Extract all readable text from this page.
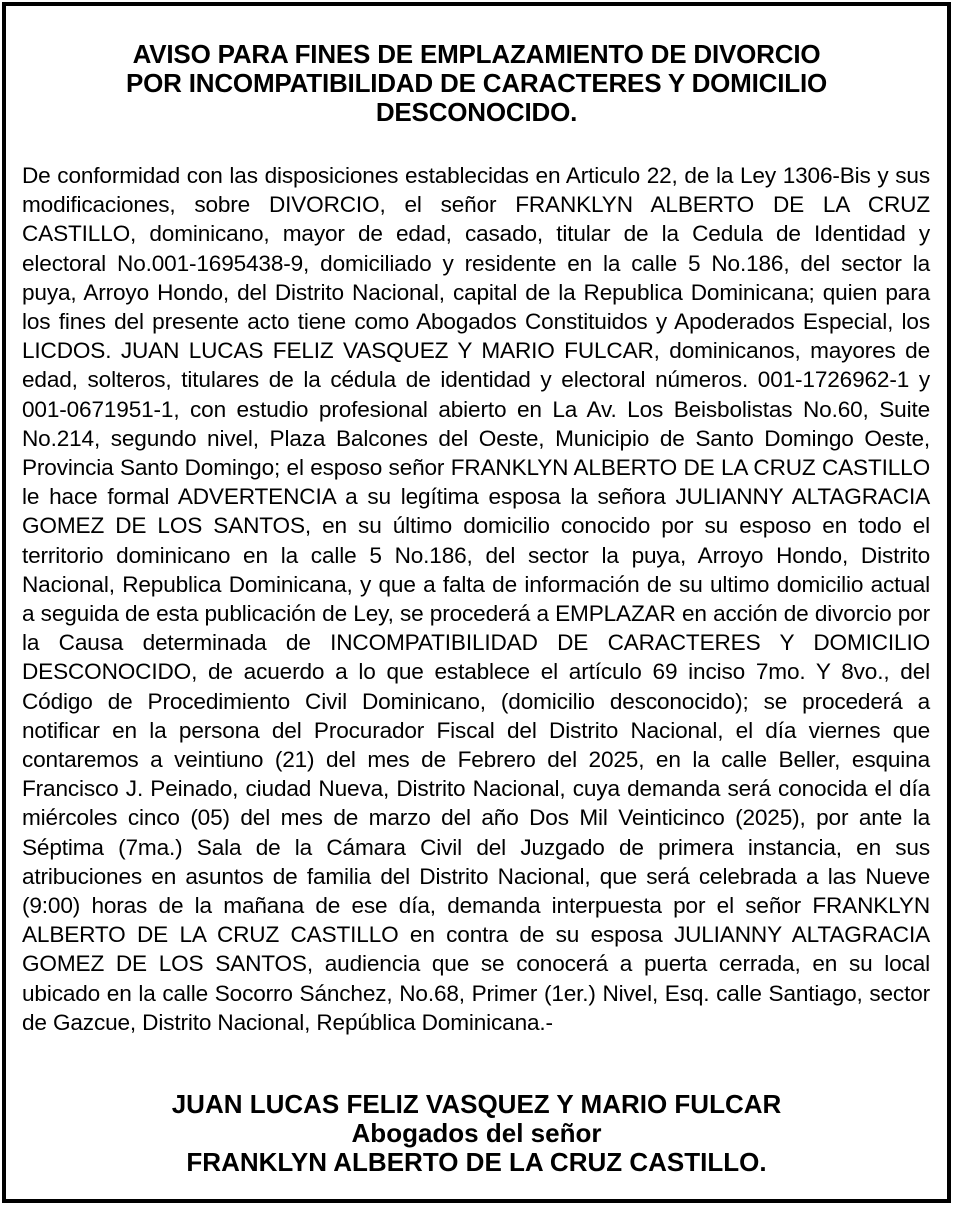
AVISO PARA FINES DE EMPLAZAMIENTO DE DIVORCIO
POR INCOMPATIBILIDAD DE CARACTERES Y DOMICILIO
DESCONOCIDO.
De conformidad con las disposiciones establecidas en Articulo 22, de la Ley 1306-Bis y sus modificaciones, sobre DIVORCIO, el señor FRANKLYN ALBERTO DE LA CRUZ CASTILLO, dominicano, mayor de edad, casado, titular de la Cedula de Identidad y electoral No.001-1695438-9, domiciliado y residente en la calle 5 No.186, del sector la puya, Arroyo Hondo, del Distrito Nacional, capital de la Republica Dominicana; quien para los fines del presente acto tiene como Abogados Constituidos y Apoderados Especial, los LICDOS. JUAN LUCAS FELIZ VASQUEZ Y MARIO FULCAR, dominicanos, mayores de edad, solteros, titulares de la cédula de identidad y electoral números. 001-1726962-1 y 001-0671951-1, con estudio profesional abierto en La Av. Los Beisbolistas No.60, Suite No.214, segundo nivel, Plaza Balcones del Oeste, Municipio de Santo Domingo Oeste, Provincia Santo Domingo; el esposo señor FRANKLYN ALBERTO DE LA CRUZ CASTILLO le hace formal ADVERTENCIA a su legítima esposa la señora JULIANNY ALTAGRACIA GOMEZ DE LOS SANTOS, en su último domicilio conocido por su esposo en todo el territorio dominicano en la calle 5 No.186, del sector la puya, Arroyo Hondo, Distrito Nacional, Republica Dominicana, y que a falta de información de su ultimo domicilio actual a seguida de esta publicación de Ley, se procederá a EMPLAZAR en acción de divorcio por la Causa determinada de INCOMPATIBILIDAD DE CARACTERES Y DOMICILIO DESCONOCIDO, de acuerdo a lo que establece el artículo 69 inciso 7mo. Y 8vo., del Código de Procedimiento Civil Dominicano, (domicilio desconocido); se procederá a notificar en la persona del Procurador Fiscal del Distrito Nacional, el día viernes que contaremos a veintiuno (21) del mes de Febrero del 2025, en la calle Beller, esquina Francisco J. Peinado, ciudad Nueva, Distrito Nacional, cuya demanda será conocida el día miércoles cinco (05) del mes de marzo del año Dos Mil Veinticinco (2025), por ante la Séptima (7ma.) Sala de la Cámara Civil del Juzgado de primera instancia, en sus atribuciones en asuntos de familia del Distrito Nacional, que será celebrada a las Nueve (9:00) horas de la mañana de ese día, demanda interpuesta por el señor FRANKLYN ALBERTO DE LA CRUZ CASTILLO en contra de su esposa JULIANNY ALTAGRACIA GOMEZ DE LOS SANTOS, audiencia que se conocerá a puerta cerrada, en su local ubicado en la calle Socorro Sánchez, No.68, Primer (1er.) Nivel, Esq. calle Santiago, sector de Gazcue, Distrito Nacional, República Dominicana.-
JUAN LUCAS FELIZ VASQUEZ Y MARIO FULCAR
Abogados del señor
FRANKLYN ALBERTO DE LA CRUZ CASTILLO.
